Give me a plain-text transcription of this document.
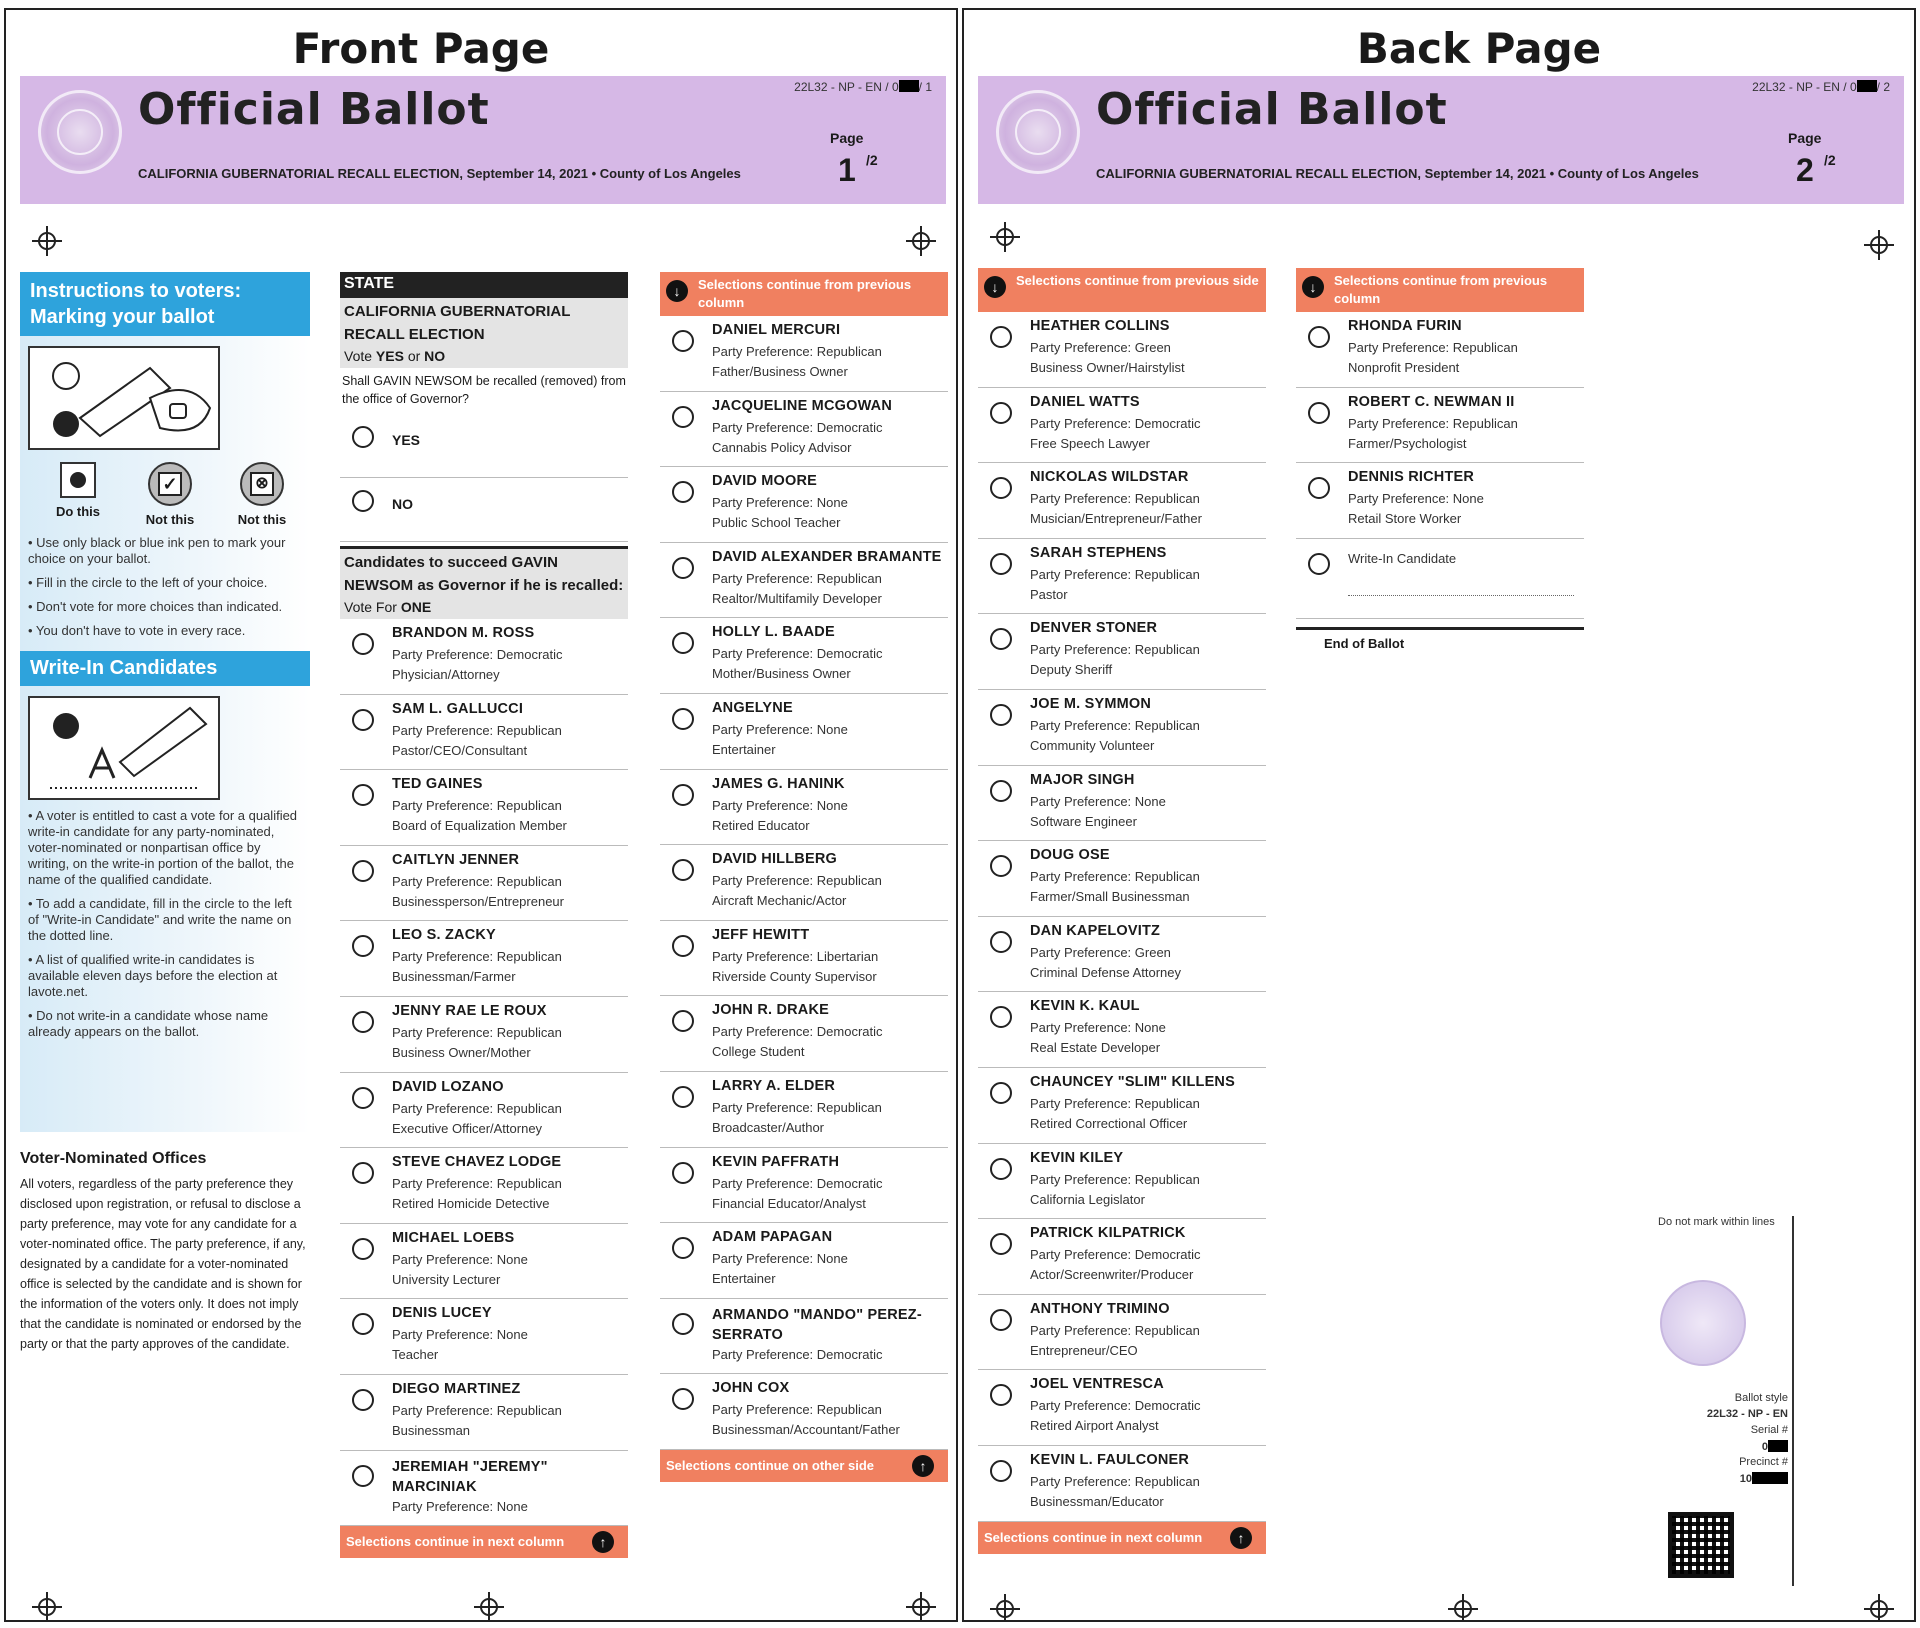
Front Page
Official Ballot
CALIFORNIA GUBERNATORIAL RECALL ELECTION, September 14, 2021 • County of Los Angeles
22L32 - NP - EN / 0 / 1
Page
1 /2
Instructions to voters: Marking your ballot
Do this
✓
Not this
⊗
Not this
• Use only black or blue ink pen to mark your choice on your ballot.
• Fill in the circle to the left of your choice.
• Don't vote for more choices than indicated.
• You don't have to vote in every race.
Write-In Candidates
• A voter is entitled to cast a vote for a qualified write-in candidate for any party-nominated, voter-nominated or nonpartisan office by writing, on the write-in portion of the ballot, the name of the qualified candidate.
• To add a candidate, fill in the circle to the left of "Write-in Candidate" and write the name on the dotted line.
• A list of qualified write-in candidates is available eleven days before the election at lavote.net.
• Do not write-in a candidate whose name already appears on the ballot.
Voter-Nominated Offices
All voters, regardless of the party preference they disclosed upon registration, or refusal to disclose a party preference, may vote for any candidate for a voter-nominated office. The party preference, if any, designated by a candidate for a voter-nominated office is selected by the candidate and is shown for the information of the voters only. It does not imply that the candidate is nominated or endorsed by the party or that the party approves of the candidate.
STATE
CALIFORNIA GUBERNATORIAL RECALL ELECTION
Vote YES or NO
Shall GAVIN NEWSOM be recalled (removed) from the office of Governor?
YES
NO
Candidates to succeed GAVIN NEWSOM as Governor if he is recalled:
Vote For ONE
BRANDON M. ROSS
Party Preference: Democratic
Physician/Attorney
SAM L. GALLUCCI
Party Preference: Republican
Pastor/CEO/Consultant
TED GAINES
Party Preference: Republican
Board of Equalization Member
CAITLYN JENNER
Party Preference: Republican
Businessperson/Entrepreneur
LEO S. ZACKY
Party Preference: Republican
Businessman/Farmer
JENNY RAE LE ROUX
Party Preference: Republican
Business Owner/Mother
DAVID LOZANO
Party Preference: Republican
Executive Officer/Attorney
STEVE CHAVEZ LODGE
Party Preference: Republican
Retired Homicide Detective
MICHAEL LOEBS
Party Preference: None
University Lecturer
DENIS LUCEY
Party Preference: None
Teacher
DIEGO MARTINEZ
Party Preference: Republican
Businessman
JEREMIAH "JEREMY" MARCINIAK
Party Preference: None
Selections continue in next column	↑
↓	Selections continue from previous column
DANIEL MERCURI
Party Preference: Republican
Father/Business Owner
JACQUELINE MCGOWAN
Party Preference: Democratic
Cannabis Policy Advisor
DAVID MOORE
Party Preference: None
Public School Teacher
DAVID ALEXANDER BRAMANTE
Party Preference: Republican
Realtor/Multifamily Developer
HOLLY L. BAADE
Party Preference: Democratic
Mother/Business Owner
ANGELYNE
Party Preference: None
Entertainer
JAMES G. HANINK
Party Preference: None
Retired Educator
DAVID HILLBERG
Party Preference: Republican
Aircraft Mechanic/Actor
JEFF HEWITT
Party Preference: Libertarian
Riverside County Supervisor
JOHN R. DRAKE
Party Preference: Democratic
College Student
LARRY A. ELDER
Party Preference: Republican
Broadcaster/Author
KEVIN PAFFRATH
Party Preference: Democratic
Financial Educator/Analyst
ADAM PAPAGAN
Party Preference: None
Entertainer
ARMANDO "MANDO" PEREZ-SERRATO
Party Preference: Democratic
JOHN COX
Party Preference: Republican
Businessman/Accountant/Father
Selections continue on other side	↑
Back Page
Official Ballot
CALIFORNIA GUBERNATORIAL RECALL ELECTION, September 14, 2021 • County of Los Angeles
22L32 - NP - EN / 0 / 2
Page
2 /2
↓	Selections continue from previous side
HEATHER COLLINS
Party Preference: Green
Business Owner/Hairstylist
DANIEL WATTS
Party Preference: Democratic
Free Speech Lawyer
NICKOLAS WILDSTAR
Party Preference: Republican
Musician/Entrepreneur/Father
SARAH STEPHENS
Party Preference: Republican
Pastor
DENVER STONER
Party Preference: Republican
Deputy Sheriff
JOE M. SYMMON
Party Preference: Republican
Community Volunteer
MAJOR SINGH
Party Preference: None
Software Engineer
DOUG OSE
Party Preference: Republican
Farmer/Small Businessman
DAN KAPELOVITZ
Party Preference: Green
Criminal Defense Attorney
KEVIN K. KAUL
Party Preference: None
Real Estate Developer
CHAUNCEY "SLIM" KILLENS
Party Preference: Republican
Retired Correctional Officer
KEVIN KILEY
Party Preference: Republican
California Legislator
PATRICK KILPATRICK
Party Preference: Democratic
Actor/Screenwriter/Producer
ANTHONY TRIMINO
Party Preference: Republican
Entrepreneur/CEO
JOEL VENTRESCA
Party Preference: Democratic
Retired Airport Analyst
KEVIN L. FAULCONER
Party Preference: Republican
Businessman/Educator
Selections continue in next column	↑
↓	Selections continue from previous column
RHONDA FURIN
Party Preference: Republican
Nonprofit President
ROBERT C. NEWMAN II
Party Preference: Republican
Farmer/Psychologist
DENNIS RICHTER
Party Preference: None
Retail Store Worker
Write-In Candidate
End of Ballot
Do not mark within lines
Ballot style
22L32 - NP - EN
Serial #
0
Precinct #
10
